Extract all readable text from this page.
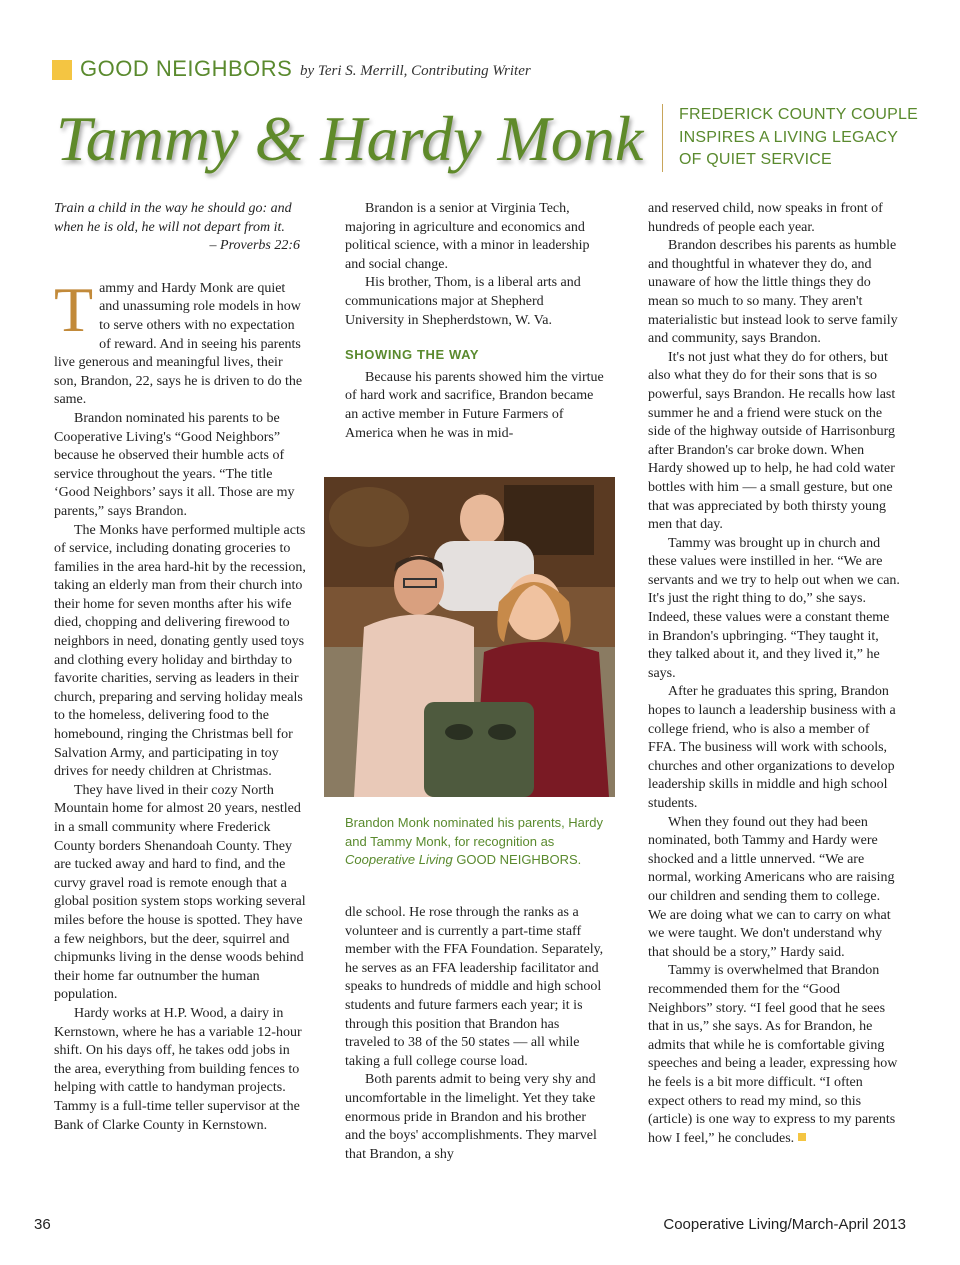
GOOD NEIGHBORS by Teri S. Merrill, Contributing Writer
Tammy & Hardy Monk FREDERICK COUNTY COUPLE INSPIRES A LIVING LEGACY OF QUIET SERVICE
Train a child in the way he should go: and when he is old, he will not depart from it.
– Proverbs 22:6

Tammy and Hardy Monk are quiet and unassuming role models in how to serve others with no expectation of reward. And in seeing his parents live generous and meaningful lives, their son, Brandon, 22, says he is driven to do the same.

Brandon nominated his parents to be Cooperative Living's “Good Neighbors” because he observed their humble acts of service throughout the years. “The title ‘Good Neighbors’ says it all. Those are my parents,” says Brandon.

The Monks have performed multiple acts of service, including donating groceries to families in the area hard-hit by the recession, taking an elderly man from their church into their home for seven months after his wife died, chopping and delivering firewood to neighbors in need, donating gently used toys and clothing every holiday and birthday to favorite charities, serving as leaders in their church, preparing and serving holiday meals to the homeless, delivering food to the homebound, ringing the Christmas bell for Salvation Army, and participating in toy drives for needy children at Christmas.

They have lived in their cozy North Mountain home for almost 20 years, nestled in a small community where Frederick County borders Shenandoah County. They are tucked away and hard to find, and the curvy gravel road is remote enough that a global position system stops working several miles before the house is spotted. They have a few neighbors, but the deer, squirrel and chipmunks living in the dense woods behind their home far outnumber the human population.

Hardy works at H.P. Wood, a dairy in Kernstown, where he has a variable 12-hour shift. On his days off, he takes odd jobs in the area, everything from building fences to helping with cattle to handyman projects. Tammy is a full-time teller supervisor at the Bank of Clarke County in Kernstown.

Brandon is a senior at Virginia Tech, majoring in agriculture and economics and political science, with a minor in leadership and social change.

His brother, Thom, is a liberal arts and communications major at Shepherd University in Shepherdstown, W. Va.

SHOWING THE WAY

Because his parents showed him the virtue of hard work and sacrifice, Brandon became an active member in Future Farmers of America when he was in mid-

Brandon Monk nominated his parents, Hardy and Tammy Monk, for recognition as Cooperative Living GOOD NEIGHBORS.

dle school. He rose through the ranks as a volunteer and is currently a part-time staff member with the FFA Foundation. Separately, he serves as an FFA leadership facilitator and speaks to hundreds of middle and high school students and future farmers each year; it is through this position that Brandon has traveled to 38 of the 50 states — all while taking a full college course load.

Both parents admit to being very shy and uncomfortable in the limelight. Yet they take enormous pride in Brandon and his brother and the boys' accomplishments. They marvel that Brandon, a shy

and reserved child, now speaks in front of hundreds of people each year.

Brandon describes his parents as humble and thoughtful in whatever they do, and unaware of how the little things they do mean so much to so many. They aren't materialistic but instead look to serve family and community, says Brandon.

It's not just what they do for others, but also what they do for their sons that is so powerful, says Brandon. He recalls how last summer he and a friend were stuck on the side of the highway outside of Harrisonburg after Brandon's car broke down. When Hardy showed up to help, he had cold water bottles with him — a small gesture, but one that was appreciated by both thirsty young men that day.

Tammy was brought up in church and these values were instilled in her. “We are servants and we try to help out when we can. It's just the right thing to do,” she says. Indeed, these values were a constant theme in Brandon's upbringing. “They taught it, they talked about it, and they lived it,” he says.

After he graduates this spring, Brandon hopes to launch a leadership business with a college friend, who is also a member of FFA. The business will work with schools, churches and other organizations to develop leadership skills in middle and high school students.

When they found out they had been nominated, both Tammy and Hardy were shocked and a little unnerved. “We are normal, working Americans who are raising our children and sending them to college. We are doing what we can to carry on what we were taught. We don't understand why that should be a story,” Hardy said.

Tammy is overwhelmed that Brandon recommended them for the “Good Neighbors” story. “I feel good that he sees that in us,” she says. As for Brandon, he admits that while he is comfortable giving speeches and being a leader, expressing how he feels is a bit more difficult. “I often expect others to read my mind, so this (article) is one way to express to my parents how I feel,” he concludes.

36	Cooperative Living/March-April 2013
